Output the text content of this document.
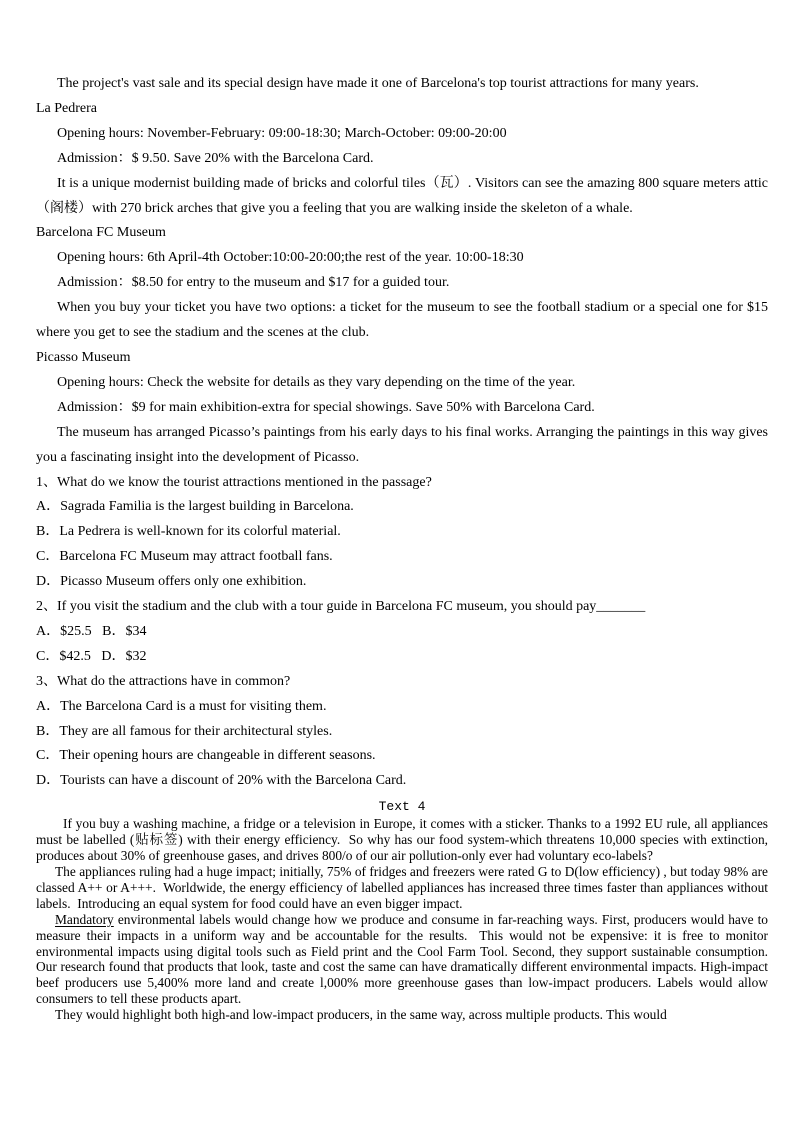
The project's vast sale and its special design have made it one of Barcelona's top tourist attractions for many years.

La Pedrera

Opening hours: November-February: 09:00-18:30; March-October: 09:00-20:00

Admission：$ 9.50. Save 20% with the Barcelona Card.

It is a unique modernist building made of bricks and colorful tiles（瓦）. Visitors can see the amazing 800 square meters attic（阁楼）with 270 brick arches that give you a feeling that you are walking inside the skeleton of a whale.

Barcelona FC Museum

Opening hours: 6th April-4th October:10:00-20:00;the rest of the year. 10:00-18:30

Admission：$8.50 for entry to the museum and $17 for a guided tour.

When you buy your ticket you have two options: a ticket for the museum to see the football stadium or a special one for $15 where you get to see the stadium and the scenes at the club.

Picasso Museum

Opening hours: Check the website for details as they vary depending on the time of the year.

Admission：$9 for main exhibition-extra for special showings. Save 50% with Barcelona Card.

The museum has arranged Picasso’s paintings from his early days to his final works. Arranging the paintings in this way gives you a fascinating insight into the development of Picasso.

1、What do we know the tourist attractions mentioned in the passage?

A．Sagrada Familia is the largest building in Barcelona.

B．La Pedrera is well-known for its colorful material.

C．Barcelona FC Museum may attract football fans.

D．Picasso Museum offers only one exhibition.

2、If you visit the stadium and the club with a tour guide in Barcelona FC museum, you should pay_______

A．$25.5   B．$34

C．$42.5   D．$32

3、What do the attractions have in common?

A．The Barcelona Card is a must for visiting them.

B．They are all famous for their architectural styles.

C．Their opening hours are changeable in different seasons.

D．Tourists can have a discount of 20% with the Barcelona Card.

Text 4

If you buy a washing machine, a fridge or a television in Europe, it comes with a sticker. Thanks to a 1992 EU rule, all appliances must be labelled (贴标签) with their energy efficiency.  So why has our food system-which threatens 10,000 species with extinction, produces about 30% of greenhouse gases, and drives 800/o of our air pollution-only ever had voluntary eco-labels?

The appliances ruling had a huge impact; initially, 75% of fridges and freezers were rated G to D(low efficiency) , but today 98% are classed A++ or A+++.  Worldwide, the energy efficiency of labelled appliances has increased three times faster than appliances without labels.  Introducing an equal system for food could have an even bigger impact.

Mandatory environmental labels would change how we produce and consume in far-reaching ways. First, producers would have to measure their impacts in a uniform way and be accountable for the results.  This would not be expensive: it is free to monitor environmental impacts using digital tools such as Field print and the Cool Farm Tool. Second, they support sustainable consumption. Our research found that products that look, taste and cost the same can have dramatically different environmental impacts. High-impact beef producers use 5,400% more land and create l,000% more greenhouse gases than low-impact producers. Labels would allow consumers to tell these products apart.

They would highlight both high-and low-impact producers, in the same way, across multiple products. This would
